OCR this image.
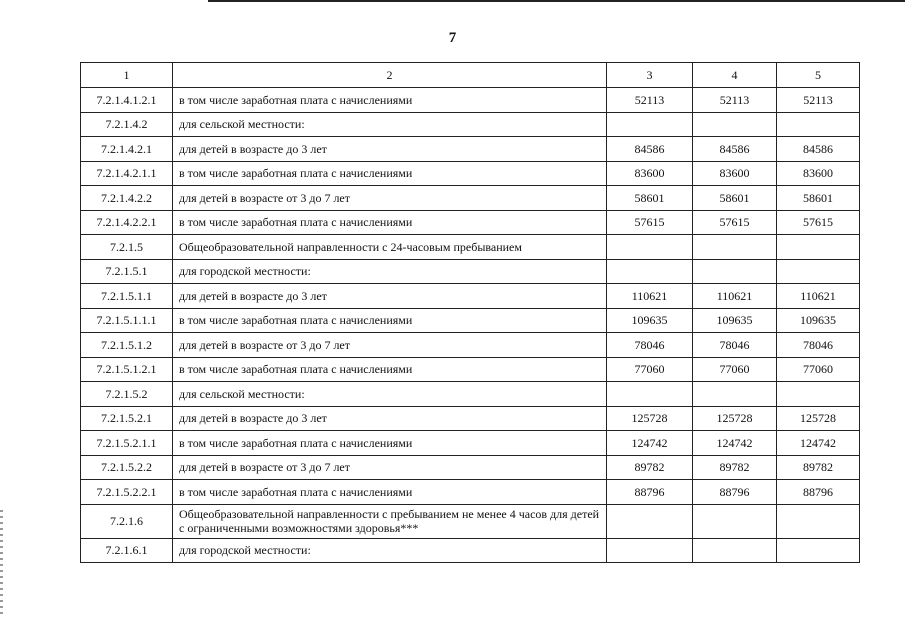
7
1	2	3	4	5
7.2.1.4.1.2.1	в том числе заработная плата с начислениями	52113	52113	52113
7.2.1.4.2	для сельской местности:			
7.2.1.4.2.1	для детей в возрасте до 3 лет	84586	84586	84586
7.2.1.4.2.1.1	в том числе заработная плата с начислениями	83600	83600	83600
7.2.1.4.2.2	для детей в возрасте от 3 до 7 лет	58601	58601	58601
7.2.1.4.2.2.1	в том числе заработная плата с начислениями	57615	57615	57615
7.2.1.5	Общеобразовательной направленности с 24-часовым пребыванием			
7.2.1.5.1	для городской местности:			
7.2.1.5.1.1	для детей в возрасте до 3 лет	110621	110621	110621
7.2.1.5.1.1.1	в том числе заработная плата с начислениями	109635	109635	109635
7.2.1.5.1.2	для детей в возрасте от 3 до 7 лет	78046	78046	78046
7.2.1.5.1.2.1	в том числе заработная плата с начислениями	77060	77060	77060
7.2.1.5.2	для сельской местности:			
7.2.1.5.2.1	для детей в возрасте до 3 лет	125728	125728	125728
7.2.1.5.2.1.1	в том числе заработная плата с начислениями	124742	124742	124742
7.2.1.5.2.2	для детей в возрасте от 3 до 7 лет	89782	89782	89782
7.2.1.5.2.2.1	в том числе заработная плата с начислениями	88796	88796	88796
7.2.1.6	Общеобразовательной направленности с пребыванием не менее 4 часов для детей с ограниченными возможностями здоровья***			
7.2.1.6.1	для городской местности:			
